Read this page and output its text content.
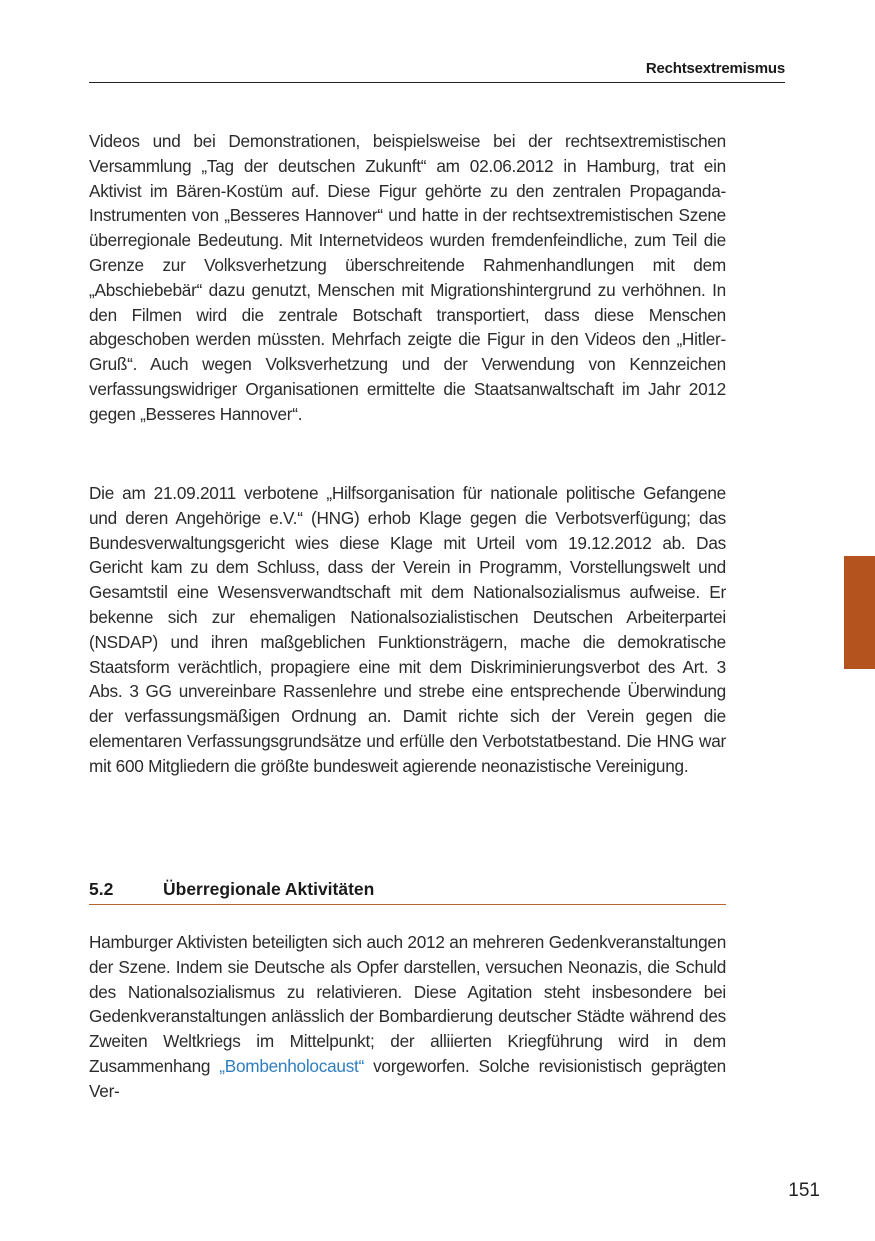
Rechtsextremismus

Videos und bei Demonstrationen, beispielsweise bei der rechtsextremistischen Versammlung „Tag der deutschen Zukunft“ am 02.06.2012 in Hamburg, trat ein Aktivist im Bären-Kostüm auf. Diese Figur gehörte zu den zentralen Propaganda-Instrumenten von „Besseres Hannover“ und hatte in der rechtsextremistischen Szene überregionale Bedeutung. Mit Internetvideos wurden fremdenfeindliche, zum Teil die Grenze zur Volksverhetzung überschreitende Rahmenhandlungen mit dem „Abschiebebär“ dazu genutzt, Menschen mit Migrationshintergrund zu verhöhnen. In den Filmen wird die zentrale Botschaft transportiert, dass diese Menschen abgeschoben werden müssten. Mehrfach zeigte die Figur in den Videos den „Hitler-Gruß“. Auch wegen Volksverhetzung und der Verwendung von Kennzeichen verfassungswidriger Organisationen ermittelte die Staatsanwaltschaft im Jahr 2012 gegen „Besseres Hannover“.

Die am 21.09.2011 verbotene „Hilfsorganisation für nationale politische Gefangene und deren Angehörige e.V.“ (HNG) erhob Klage gegen die Verbotsverfügung; das Bundesverwaltungsgericht wies diese Klage mit Urteil vom 19.12.2012 ab. Das Gericht kam zu dem Schluss, dass der Verein in Programm, Vorstellungswelt und Gesamtstil eine Wesensverwandtschaft mit dem Nationalsozialismus aufweise. Er bekenne sich zur ehemaligen Nationalsozialistischen Deutschen Arbeiterpartei (NSDAP) und ihren maßgeblichen Funktionsträgern, mache die demokratische Staatsform verächtlich, propagiere eine mit dem Diskriminierungsverbot des Art. 3 Abs. 3 GG unvereinbare Rassenlehre und strebe eine entsprechende Überwindung der verfassungsmäßigen Ordnung an. Damit richte sich der Verein gegen die elementaren Verfassungsgrundsätze und erfülle den Verbotstatbestand. Die HNG war mit 600 Mitgliedern die größte bundesweit agierende neonazistische Vereinigung.

5.2	Überregionale Aktivitäten

Hamburger Aktivisten beteiligten sich auch 2012 an mehreren Gedenkveranstaltungen der Szene. Indem sie Deutsche als Opfer darstellen, versuchen Neonazis, die Schuld des Nationalsozialismus zu relativieren. Diese Agitation steht insbesondere bei Gedenkveranstaltungen anlässlich der Bombardierung deutscher Städte während des Zweiten Weltkriegs im Mittelpunkt; der alliierten Kriegführung wird in dem Zusammenhang „Bombenholocaust“ vorgeworfen. Solche revisionistisch geprägten Ver-

151
